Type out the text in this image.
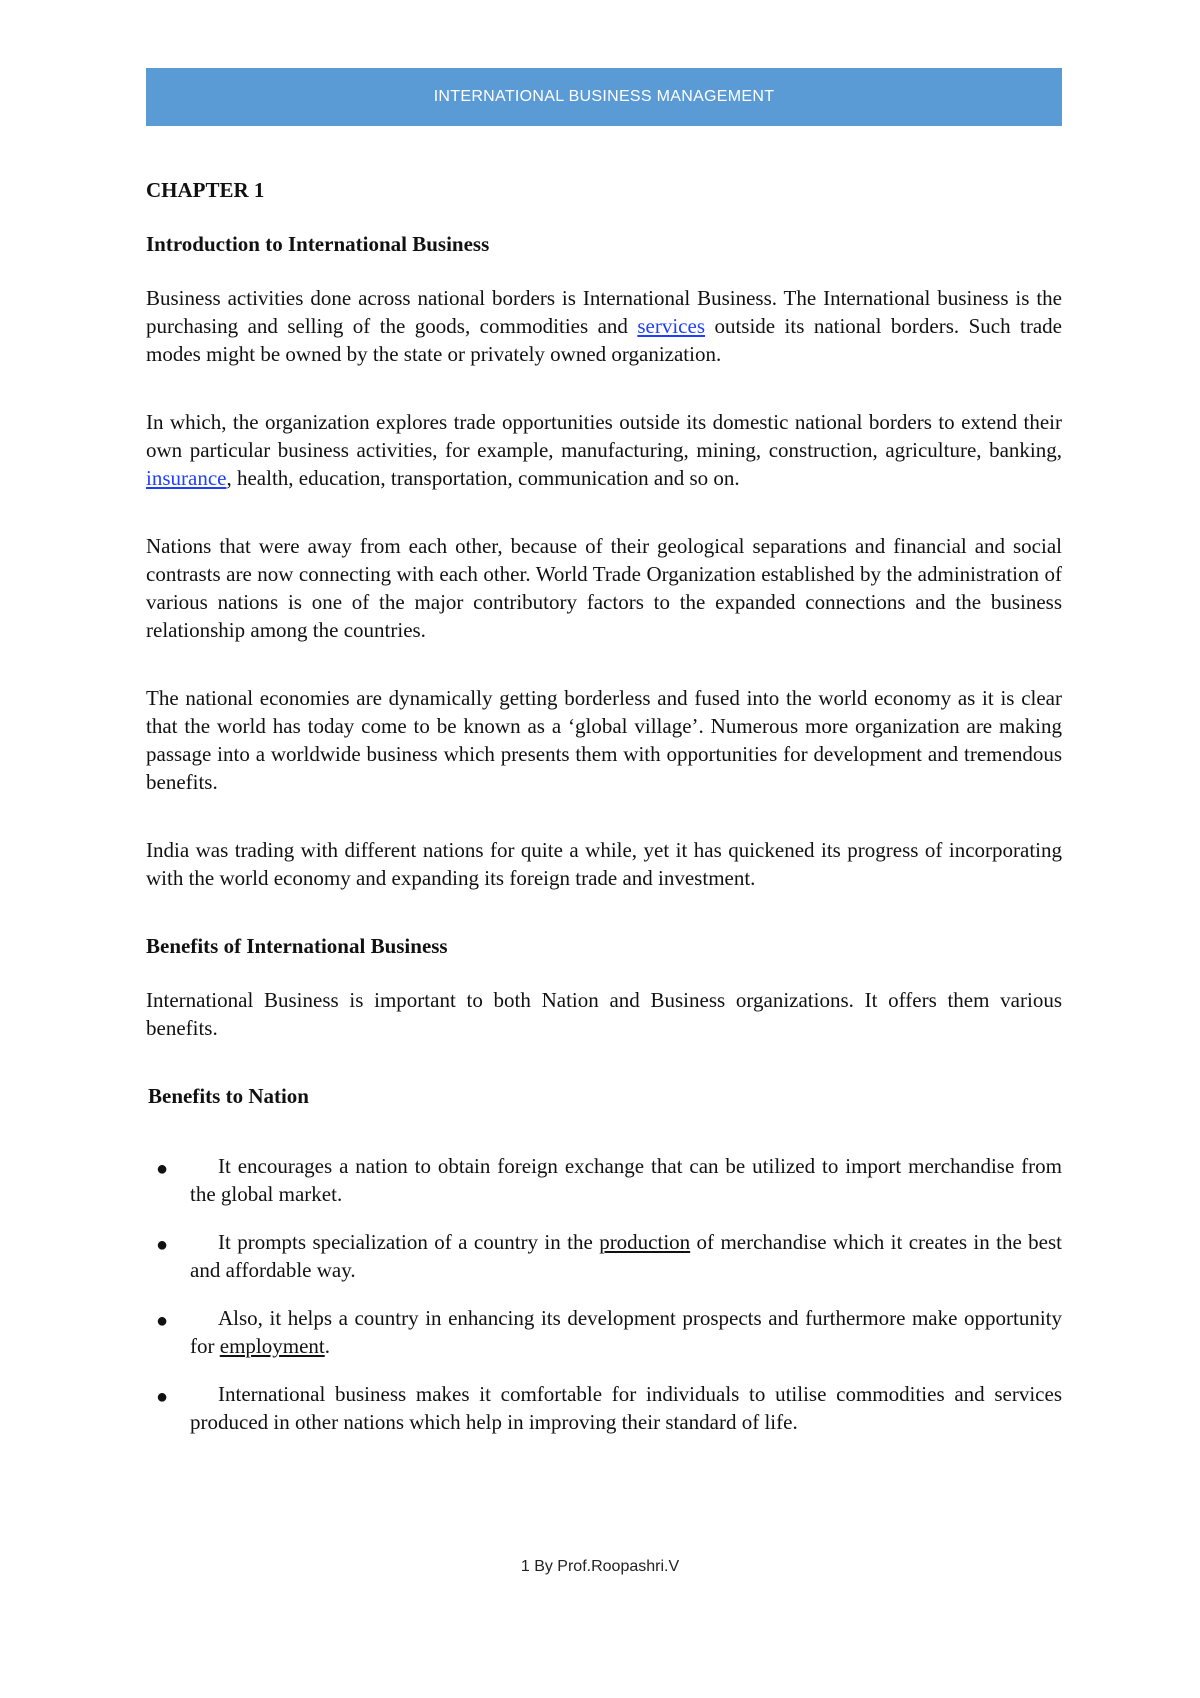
INTERNATIONAL BUSINESS MANAGEMENT
CHAPTER 1
Introduction to International Business

Business activities done across national borders is International Business. The International business is the purchasing and selling of the goods, commodities and services outside its national borders. Such trade modes might be owned by the state or privately owned organization.

In which, the organization explores trade opportunities outside its domestic national borders to extend their own particular business activities, for example, manufacturing, mining, construction, agriculture, banking, insurance, health, education, transportation, communication and so on.

Nations that were away from each other, because of their geological separations and financial and social contrasts are now connecting with each other. World Trade Organization established by the administration of various nations is one of the major contributory factors to the expanded connections and the business relationship among the countries.

The national economies are dynamically getting borderless and fused into the world economy as it is clear that the world has today come to be known as a ‘global village’. Numerous more organization are making passage into a worldwide business which presents them with opportunities for development and tremendous benefits.

India was trading with different nations for quite a while, yet it has quickened its progress of incorporating with the world economy and expanding its foreign trade and investment.

Benefits of International Business

International Business is important to both Nation and Business organizations. It offers them various benefits.

Benefits to Nation
●	It encourages a nation to obtain foreign exchange that can be utilized to import merchandise from the global market.
●	It prompts specialization of a country in the production of merchandise which it creates in the best and affordable way.
●	Also, it helps a country in enhancing its development prospects and furthermore make opportunity for employment.
●	International business makes it comfortable for individuals to utilise commodities and services produced in other nations which help in improving their standard of life.
1 By Prof.Roopashri.V
